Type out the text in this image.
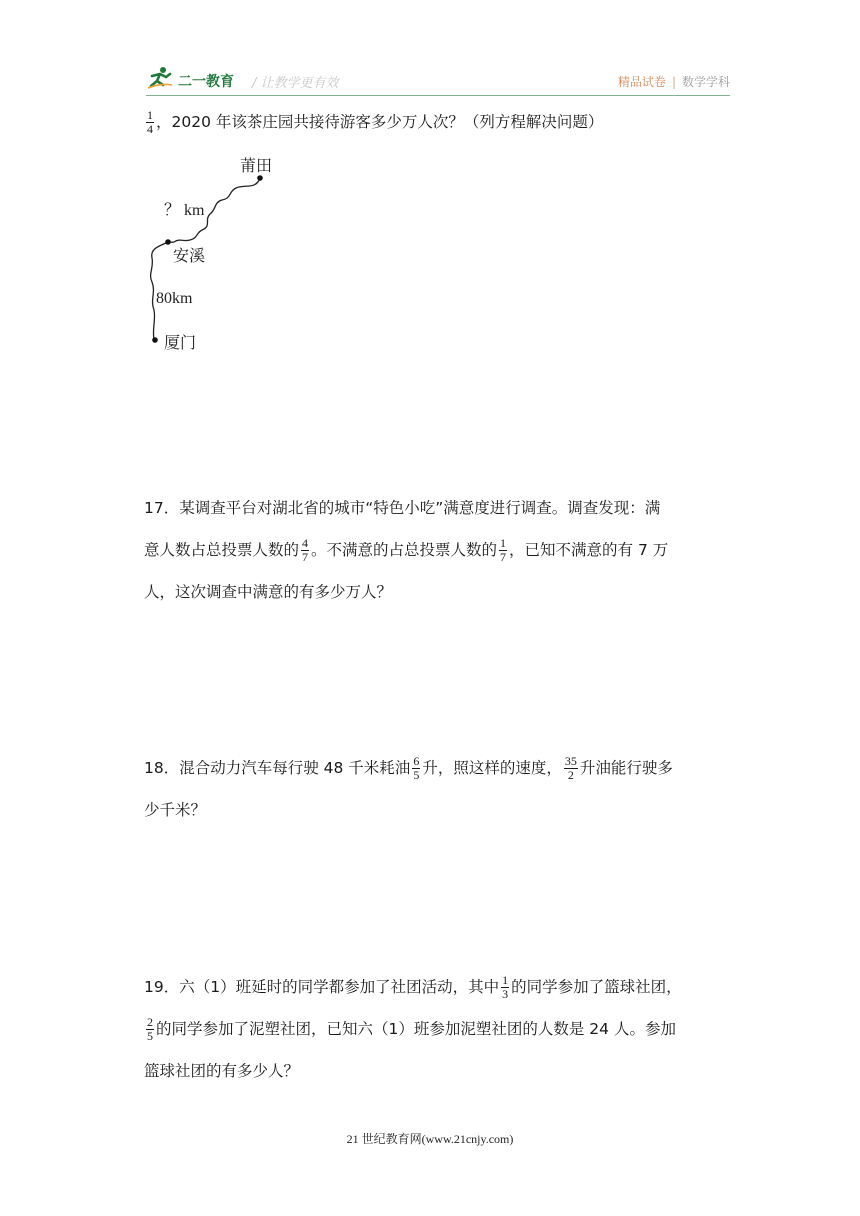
二一教育 / 让教学更有效	精品试卷 | 数学学科
$\frac{1}{4}$ ，2020 年该茶庄园共接待游客多少万人次？（列方程解决问题）
莆田
？ km
安溪
80km
厦门
17．某调查平台对湖北省的城市“特色小吃”满意度进行调查。调查发现：满
意人数占总投票人数的 $\frac{4}{7}$ 。不满意的占总投票人数的 $\frac{1}{7}$ ，已知不满意的有 7 万
人，这次调查中满意的有多少万人？
18．混合动力汽车每行驶 48 千米耗油 $\frac{6}{5}$ 升，照这样的速度， $\frac{35}{2}$ 升油能行驶多
少千米？
19．六（1）班延时的同学都参加了社团活动，其中 $\frac{1}{3}$ 的同学参加了篮球社团，
$\frac{2}{5}$ 的同学参加了泥塑社团，已知六（1）班参加泥塑社团的人数是 24 人。参加
篮球社团的有多少人？
21 世纪教育网(www.21cnjy.com)
